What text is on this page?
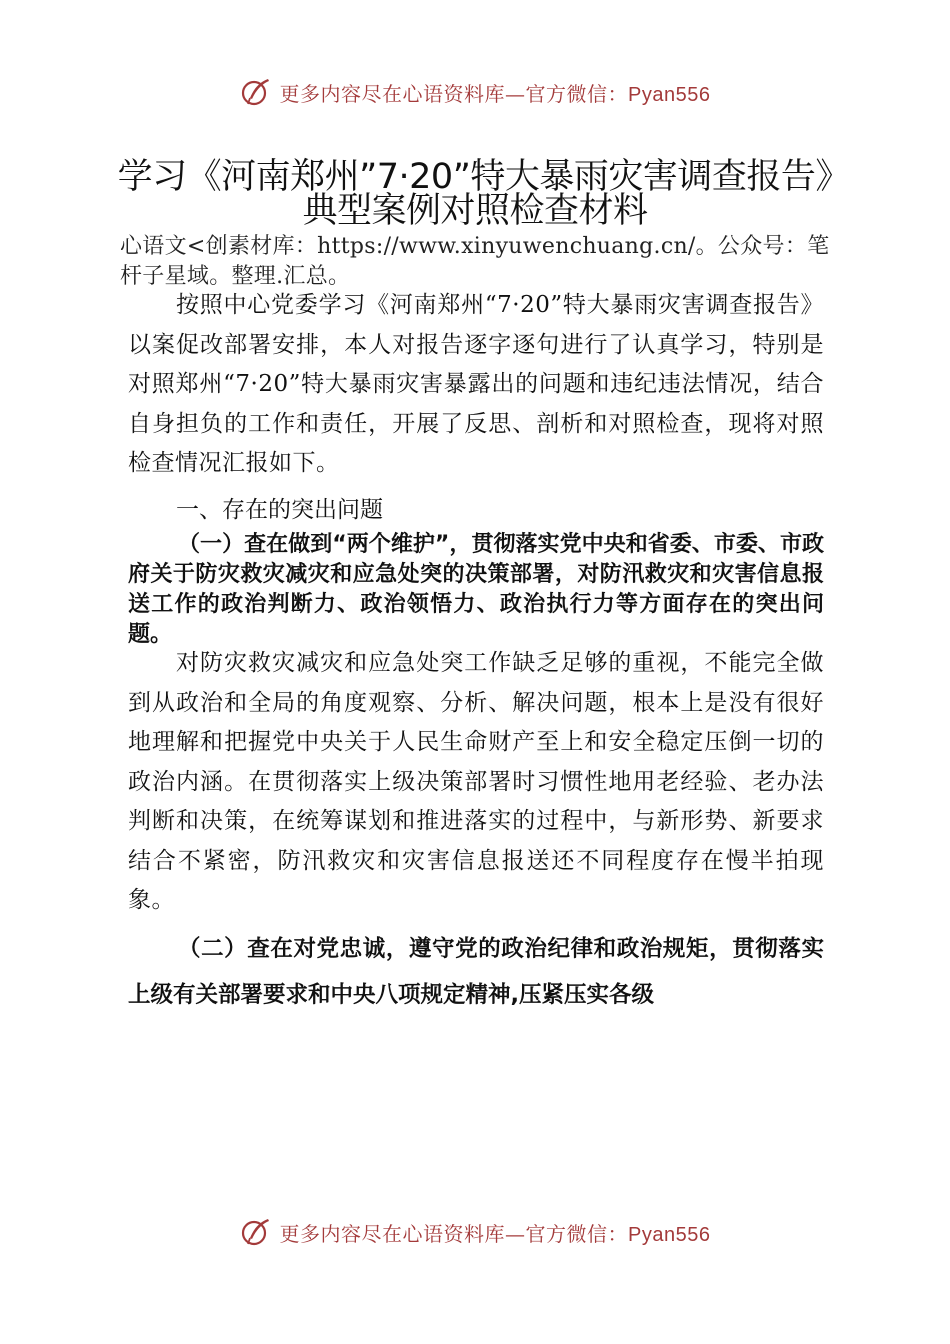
更多内容尽在心语资料库—官方微信：Pyan556
学习《河南郑州”7·20”特大暴雨灾害调查报告》典型案例对照检查材料
心语文<创素材库：https://www.xinyuwenchuang.cn/。公众号：笔杆子星域。整理.汇总。
按照中心党委学习《河南郑州“7·20”特大暴雨灾害调查报告》以案促改部署安排，本人对报告逐字逐句进行了认真学习，特别是对照郑州“7·20”特大暴雨灾害暴露出的问题和违纪违法情况，结合自身担负的工作和责任，开展了反思、剖析和对照检查，现将对照检查情况汇报如下。
一、存在的突出问题
（一）查在做到“两个维护”，贯彻落实党中央和省委、市委、市政府关于防灾救灾减灾和应急处突的决策部署，对防汛救灾和灾害信息报送工作的政治判断力、政治领悟力、政治执行力等方面存在的突出问题。
对防灾救灾减灾和应急处突工作缺乏足够的重视，不能完全做到从政治和全局的角度观察、分析、解决问题，根本上是没有很好地理解和把握党中央关于人民生命财产至上和安全稳定压倒一切的政治内涵。在贯彻落实上级决策部署时习惯性地用老经验、老办法判断和决策，在统筹谋划和推进落实的过程中，与新形势、新要求结合不紧密，防汛救灾和灾害信息报送还不同程度存在慢半拍现象。
（二）查在对党忠诚，遵守党的政治纪律和政治规矩，贯彻落实上级有关部署要求和中央八项规定精神,压紧压实各级
更多内容尽在心语资料库—官方微信：Pyan556
